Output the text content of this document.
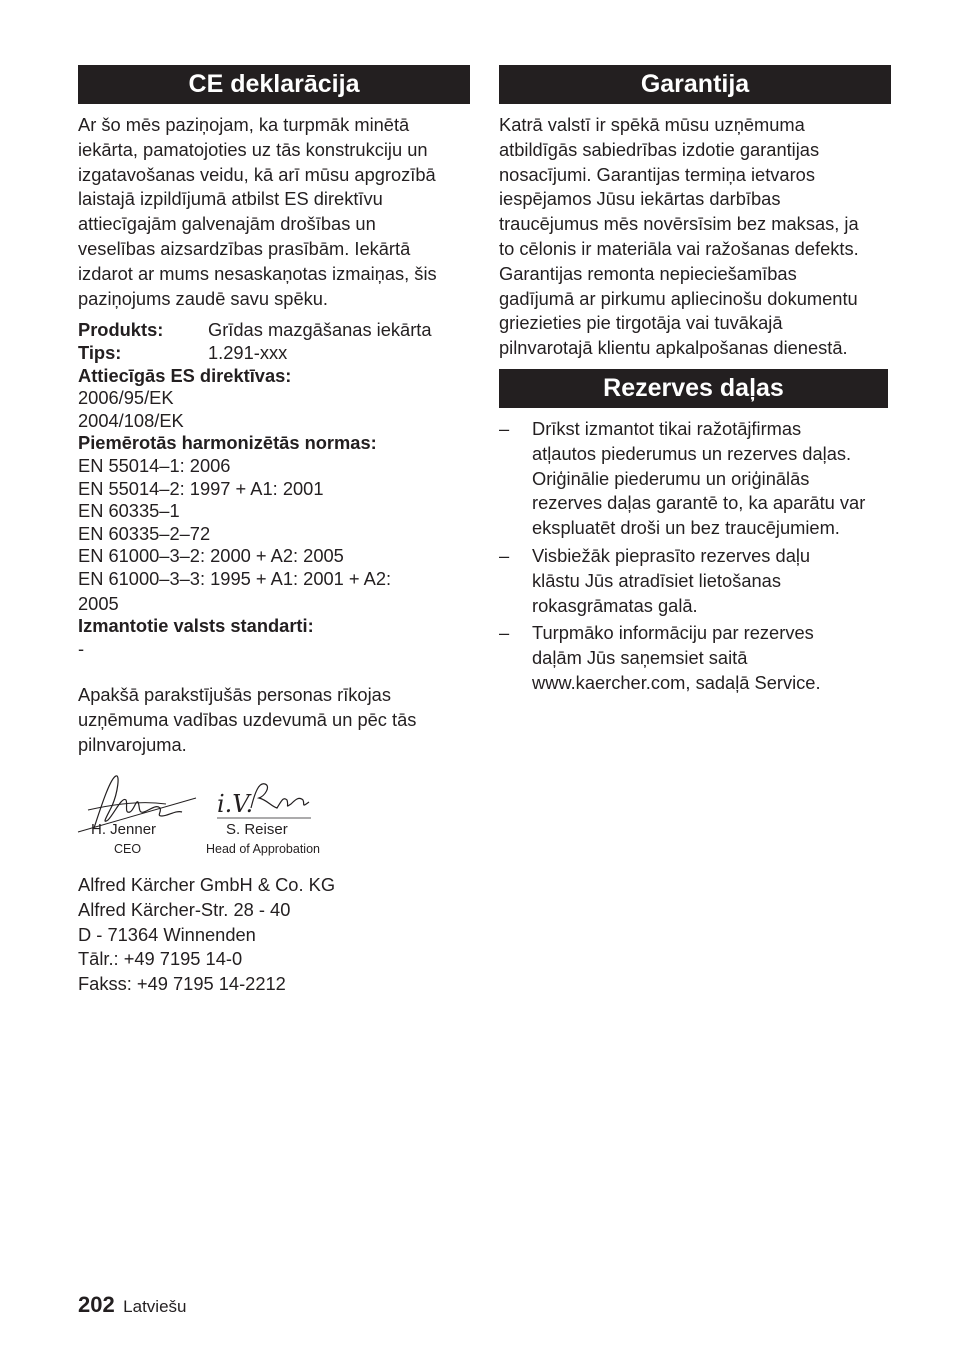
CE deklarācija
Ar šo mēs paziņojam, ka turpmāk minētā
iekārta, pamatojoties uz tās konstrukciju un
izgatavošanas veidu, kā arī mūsu apgrozībā
laistajā izpildījumā atbilst ES direktīvu
attiecīgajām galvenajām drošības un
veselības aizsardzības prasībām. Iekārtā
izdarot ar mums nesaskaņotas izmaiņas, šis
paziņojums zaudē savu spēku.
Produkts:	Grīdas mazgāšanas iekārta
Tips:	1.291-xxx
Attiecīgās ES direktīvas:
2006/95/EK
2004/108/EK
Piemērotās harmonizētās normas:
EN 55014–1: 2006
EN 55014–2: 1997 + A1: 2001
EN 60335–1
EN 60335–2–72
EN 61000–3–2: 2000 + A2: 2005
EN 61000–3–3: 1995 + A1: 2001 + A2:
2005
Izmantotie valsts standarti:
-
Apakšā parakstījušās personas rīkojas
uzņēmuma vadības uzdevumā un pēc tās
pilnvarojuma.
i.V.
H. Jenner
CEO
S. Reiser
Head of Approbation
Alfred Kärcher GmbH & Co. KG
Alfred Kärcher-Str. 28 - 40
D - 71364 Winnenden
Tālr.: +49 7195 14-0
Fakss: +49 7195 14-2212
Garantija
Katrā valstī ir spēkā mūsu uzņēmuma
atbildīgās sabiedrības izdotie garantijas
nosacījumi. Garantijas termiņa ietvaros
iespējamos Jūsu iekārtas darbības
traucējumus mēs novērsīsim bez maksas, ja
to cēlonis ir materiāla vai ražošanas defekts.
Garantijas remonta nepieciešamības
gadījumā ar pirkumu apliecinošu dokumentu
griezieties pie tirgotāja vai tuvākajā
pilnvarotajā klientu apkalpošanas dienestā.
Rezerves daļas
–	Drīkst izmantot tikai ražotājfirmas
atļautos piederumus un rezerves daļas.
Oriģinālie piederumu un oriģinālās
rezerves daļas garantē to, ka aparātu var
ekspluatēt droši un bez traucējumiem.
–	Visbiežāk pieprasīto rezerves daļu
klāstu Jūs atradīsiet lietošanas
rokasgrāmatas galā.
–	Turpmāko informāciju par rezerves
daļām Jūs saņemsiet saitā
www.kaercher.com, sadaļā Service.
202 Latviešu
